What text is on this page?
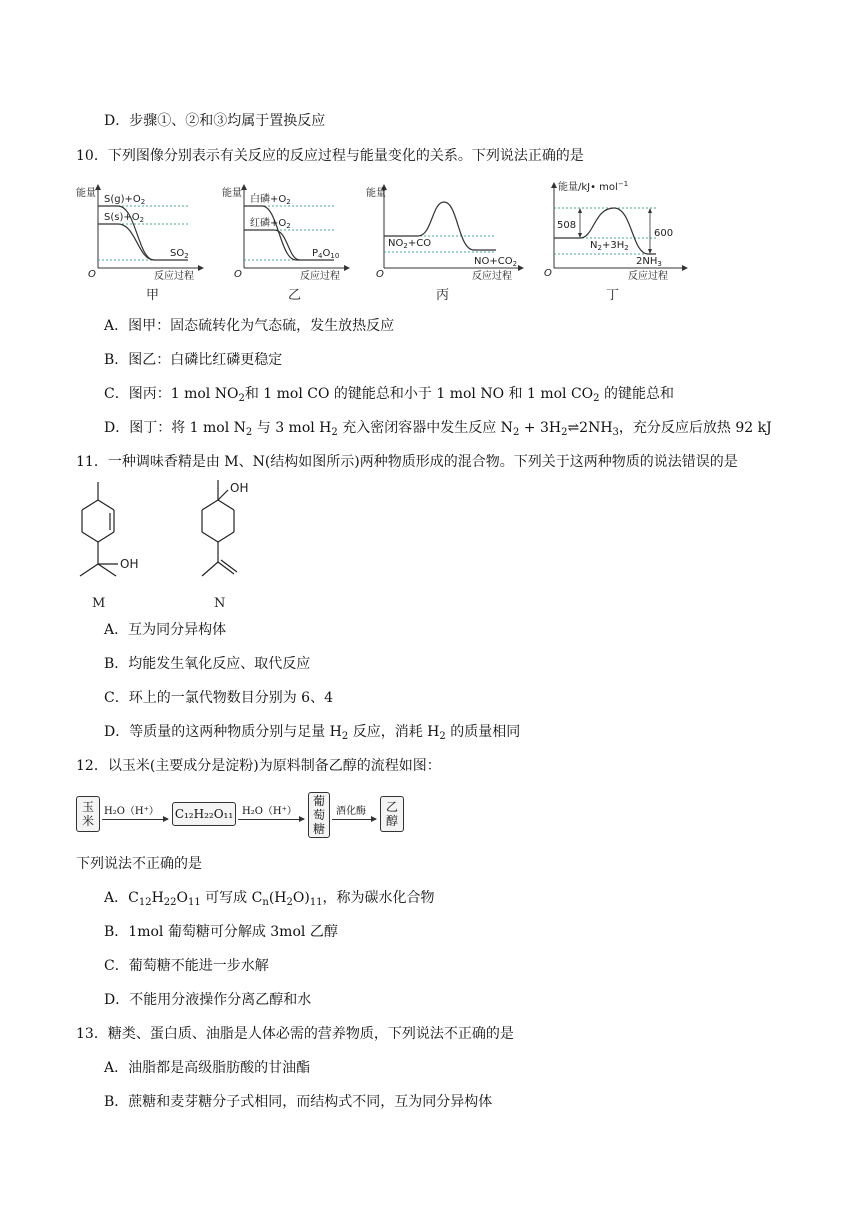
D．步骤①、②和③均属于置换反应
10．下列图像分别表示有关反应的反应过程与能量变化的关系。下列说法正确的是
能量
$S(g)+O_2$
$S(s)+O_2$
$SO_2$
O	反应过程
甲
能量
白磷$+O_2$
红磷$+O_2$
$P_4O_{10}$
O	反应过程
乙
能量
$NO_2+CO$
$NO+CO_2$
O	反应过程
丙
能量/kJ• mol$^{-1}$
508
600
$N_2+3H_2$
$2NH_3$
O	反应过程
丁
A．图甲：固态硫转化为气态硫，发生放热反应
B．图乙：白磷比红磷更稳定
C．图丙：1 mol $NO_2$和 1 mol CO 的键能总和小于 1 mol NO 和 1 mol $CO_2$ 的键能总和
D．图丁：将 1 mol $N_2$ 与 3 mol $H_2$ 充入密闭容器中发生反应 $N_2$ + $3H_2\rightleftharpoons 2NH_3$，充分反应后放热 92 kJ
11．一种调味香精是由 M、N(结构如图所示)两种物质形成的混合物。下列关于这两种物质的说法错误的是
OH
M
OH
N
A．互为同分异构体
B．均能发生氧化反应、取代反应
C．环上的一氯代物数目分别为 6、4
D．等质量的这两种物质分别与足量 $H_2$ 反应，消耗 $H_2$ 的质量相同
12．以玉米(主要成分是淀粉)为原料制备乙醇的流程如图：
玉米
H₂O（H⁺） C₁₂H₂₂O₁₁ H₂O（H⁺）
葡萄糖
酒化酶 乙醇
下列说法不正确的是
A．$C_{12}H_{22}O_{11}$ 可写成 $C_n(H_2O)_{11}$，称为碳水化合物
B．1mol 葡萄糖可分解成 3mol 乙醇
C．葡萄糖不能进一步水解
D．不能用分液操作分离乙醇和水
13．糖类、蛋白质、油脂是人体必需的营养物质，下列说法不正确的是
A．油脂都是高级脂肪酸的甘油酯
B．蔗糖和麦芽糖分子式相同，而结构式不同，互为同分异构体
